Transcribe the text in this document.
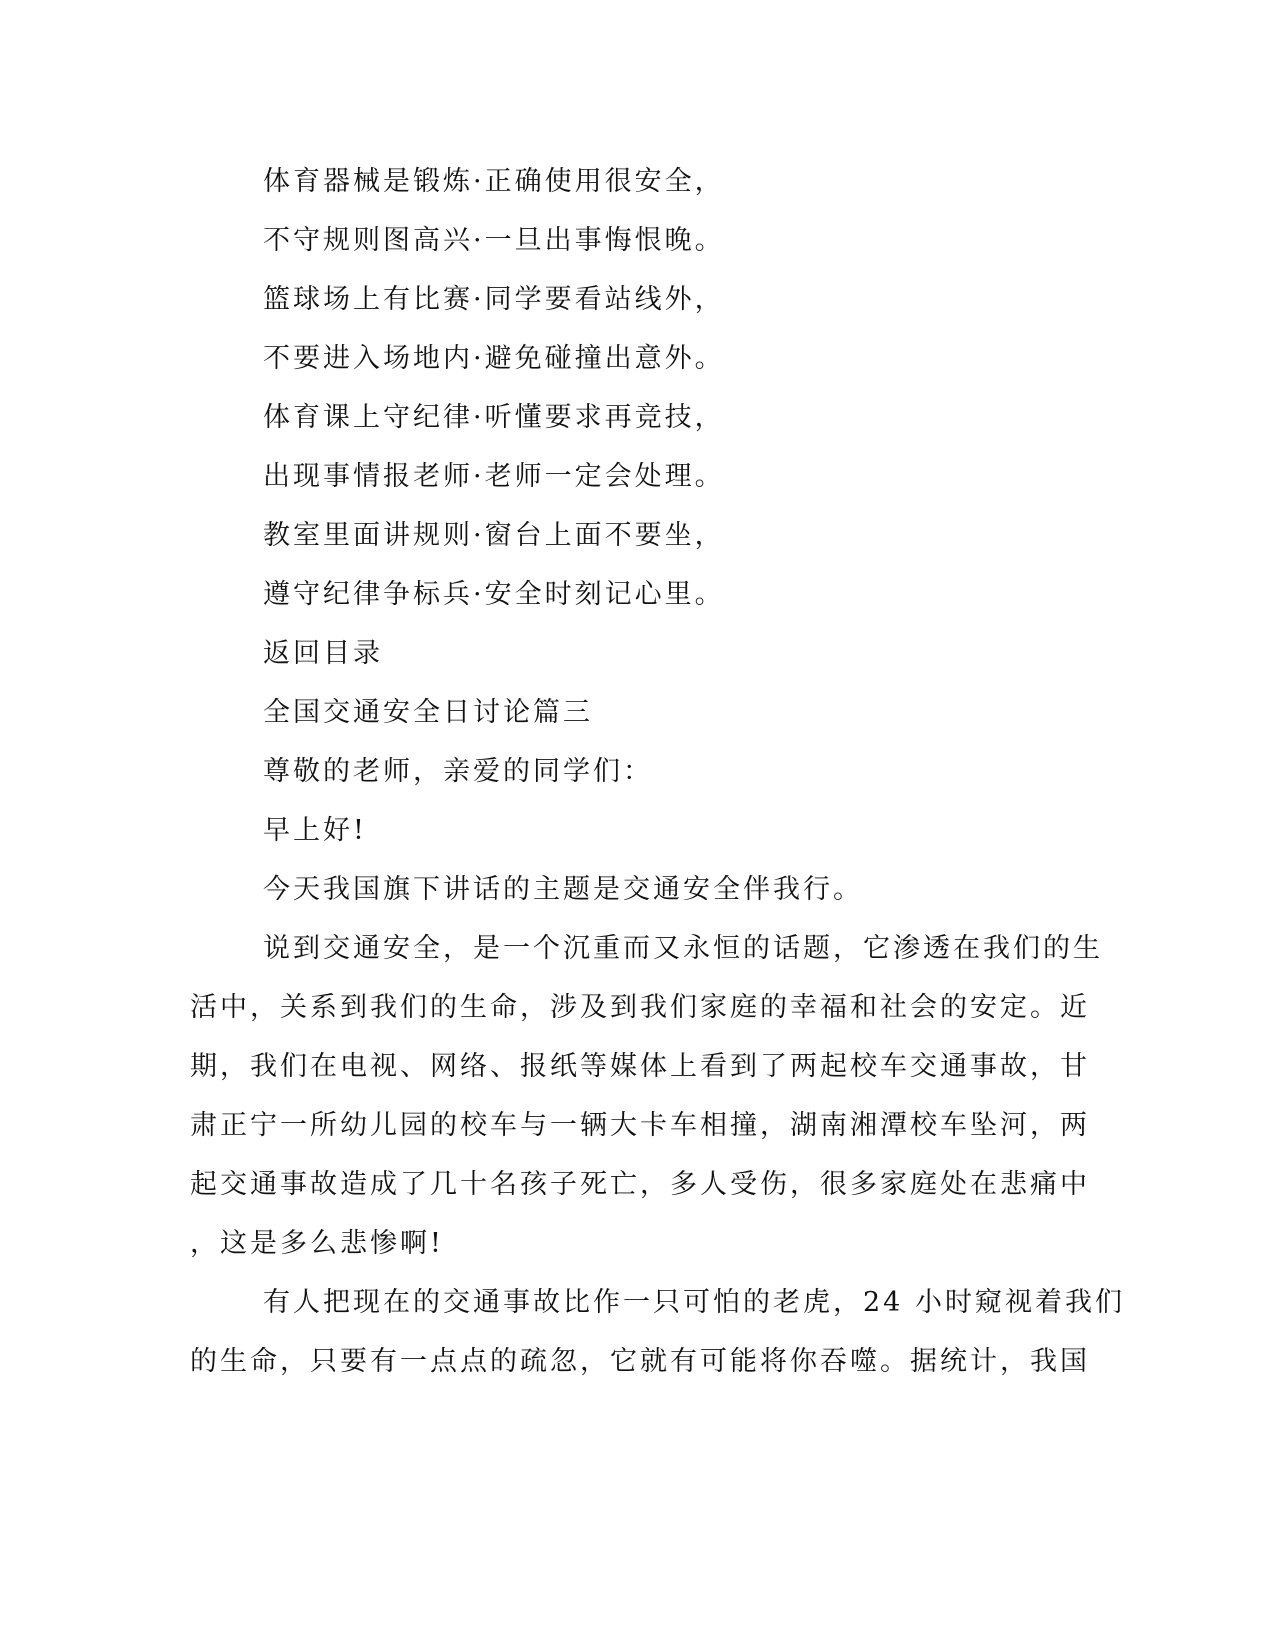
体育器械是锻炼·正确使用很安全，
不守规则图高兴·一旦出事悔恨晚。
篮球场上有比赛·同学要看站线外，
不要进入场地内·避免碰撞出意外。
体育课上守纪律·听懂要求再竞技，
出现事情报老师·老师一定会处理。
教室里面讲规则·窗台上面不要坐，
遵守纪律争标兵·安全时刻记心里。
返回目录
全国交通安全日讨论篇三
尊敬的老师，亲爱的同学们：
早上好!
今天我国旗下讲话的主题是交通安全伴我行。
说到交通安全，是一个沉重而又永恒的话题，它渗透在我们的生
活中，关系到我们的生命，涉及到我们家庭的幸福和社会的安定。近
期，我们在电视、网络、报纸等媒体上看到了两起校车交通事故，甘
肃正宁一所幼儿园的校车与一辆大卡车相撞，湖南湘潭校车坠河，两
起交通事故造成了几十名孩子死亡，多人受伤，很多家庭处在悲痛中
，这是多么悲惨啊!
有人把现在的交通事故比作一只可怕的老虎，24 小时窥视着我们
的生命，只要有一点点的疏忽，它就有可能将你吞噬。据统计，我国
